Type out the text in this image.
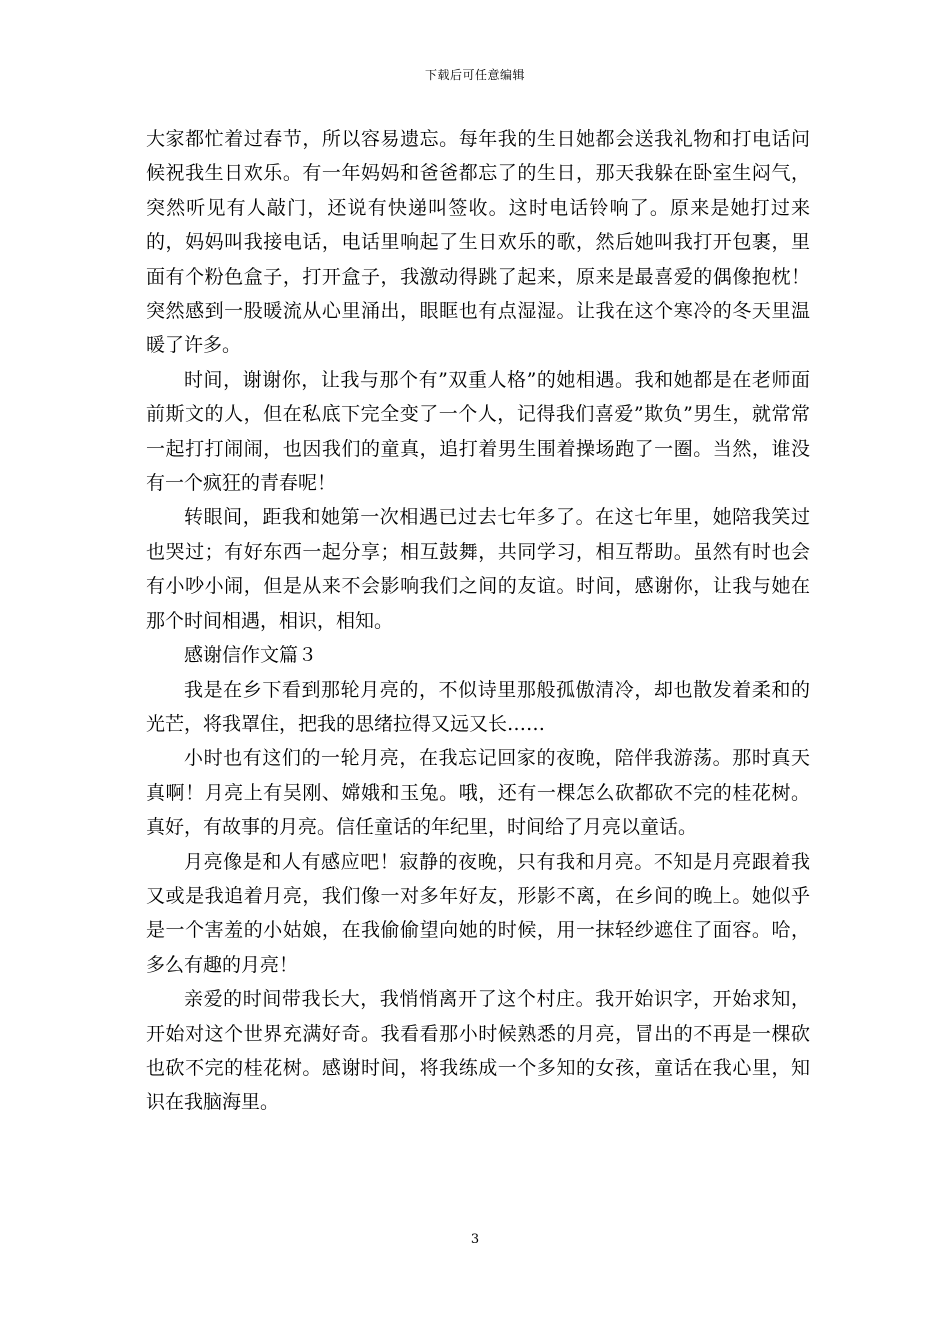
下载后可任意编辑

大家都忙着过春节，所以容易遗忘。每年我的生日她都会送我礼物和打电话问候祝我生日欢乐。有一年妈妈和爸爸都忘了的生日，那天我躲在卧室生闷气，突然听见有人敲门，还说有快递叫签收。这时电话铃响了。原来是她打过来的，妈妈叫我接电话，电话里响起了生日欢乐的歌，然后她叫我打开包裹，里面有个粉色盒子，打开盒子，我激动得跳了起来，原来是最喜爱的偶像抱枕！突然感到一股暖流从心里涌出，眼眶也有点湿湿。让我在这个寒冷的冬天里温暖了许多。

时间，谢谢你，让我与那个有”双重人格”的她相遇。我和她都是在老师面前斯文的人，但在私底下完全变了一个人，记得我们喜爱”欺负”男生，就常常一起打打闹闹，也因我们的童真，追打着男生围着操场跑了一圈。当然，谁没有一个疯狂的青春呢！

转眼间，距我和她第一次相遇已过去七年多了。在这七年里，她陪我笑过也哭过；有好东西一起分享；相互鼓舞，共同学习，相互帮助。虽然有时也会有小吵小闹，但是从来不会影响我们之间的友谊。时间，感谢你，让我与她在那个时间相遇，相识，相知。

感谢信作文篇３

我是在乡下看到那轮月亮的，不似诗里那般孤傲清冷，却也散发着柔和的光芒，将我罩住，把我的思绪拉得又远又长……

小时也有这们的一轮月亮，在我忘记回家的夜晚，陪伴我游荡。那时真天真啊！月亮上有吴刚、嫦娥和玉兔。哦，还有一棵怎么砍都砍不完的桂花树。真好，有故事的月亮。信任童话的年纪里，时间给了月亮以童话。

月亮像是和人有感应吧！寂静的夜晚，只有我和月亮。不知是月亮跟着我又或是我追着月亮，我们像一对多年好友，形影不离，在乡间的晚上。她似乎是一个害羞的小姑娘，在我偷偷望向她的时候，用一抹轻纱遮住了面容。哈，多么有趣的月亮！

亲爱的时间带我长大，我悄悄离开了这个村庄。我开始识字，开始求知，开始对这个世界充满好奇。我看看那小时候熟悉的月亮，冒出的不再是一棵砍也砍不完的桂花树。感谢时间，将我练成一个多知的女孩，童话在我心里，知识在我脑海里。

3
